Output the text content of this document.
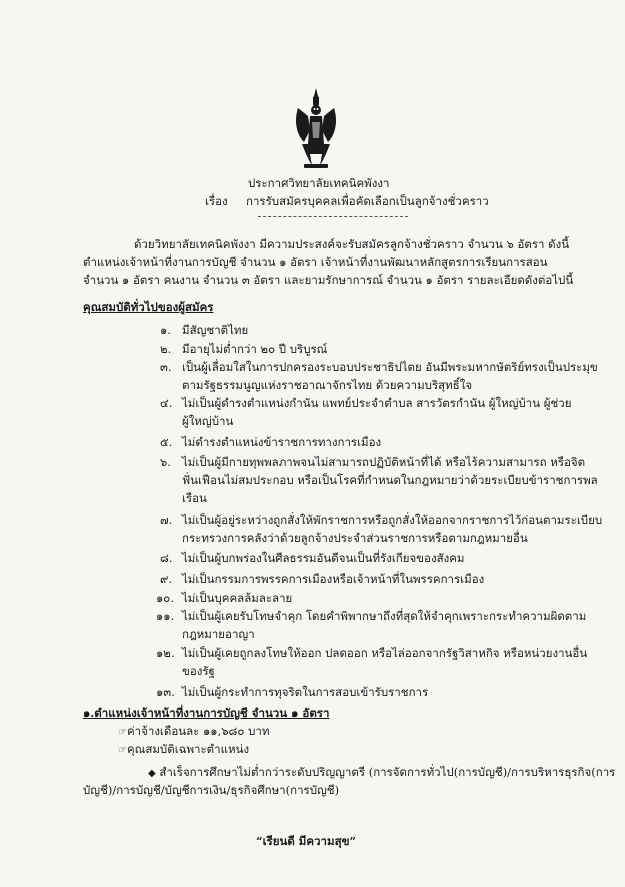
ประกาศวิทยาลัยเทคนิคพังงา
เรื่อง การรับสมัครบุคคลเพื่อคัดเลือกเป็นลูกจ้างชั่วคราว
ด้วยวิทยาลัยเทคนิคพังงา มีความประสงค์จะรับสมัครลูกจ้างชั่วคราว จำนวน ๖ อัตรา ดังนี้
ตำแหน่งเจ้าหน้าที่งานการบัญชี จำนวน ๑ อัตรา เจ้าหน้าที่งานพัฒนาหลักสูตรการเรียนการสอน
จำนวน ๑ อัตรา คนงาน จำนวน ๓ อัตรา และยามรักษาการณ์ จำนวน ๑ อัตรา รายละเอียดดังต่อไปนี้
คุณสมบัติทั่วไปของผู้สมัคร
๑. มีสัญชาติไทย
๒. มีอายุไม่ต่ำกว่า ๒๐ ปี บริบูรณ์
๓. เป็นผู้เลื่อมใสในการปกครองระบอบประชาธิปไตย อันมีพระมหากษัตริย์ทรงเป็นประมุข
ตามรัฐธรรมนูญแห่งราชอาณาจักรไทย ด้วยความบริสุทธิ์ใจ
๔. ไม่เป็นผู้ดำรงตำแหน่งกำนัน แพทย์ประจำตำบล สารวัตรกำนัน ผู้ใหญ่บ้าน ผู้ช่วย
ผู้ใหญ่บ้าน
๕. ไม่ดำรงตำแหน่งข้าราชการทางการเมือง
๖. ไม่เป็นผู้มีกายทุพพลภาพจนไม่สามารถปฏิบัติหน้าที่ได้ หรือไร้ความสามารถ หรือจิต
ฟั่นเฟือนไม่สมประกอบ หรือเป็นโรคที่กำหนดในกฎหมายว่าด้วยระเบียบข้าราชการพล
เรือน
๗. ไม่เป็นผู้อยู่ระหว่างถูกสั่งให้พักราชการหรือถูกสั่งให้ออกจากราชการไว้ก่อนตามระเบียบ
กระทรวงการคลังว่าด้วยลูกจ้างประจำส่วนราชการหรือตามกฎหมายอื่น
๘. ไม่เป็นผู้บกพร่องในศีลธรรมอันดีจนเป็นที่รังเกียจของสังคม
๙. ไม่เป็นกรรมการพรรคการเมืองหรือเจ้าหน้าที่ในพรรคการเมือง
๑๐. ไม่เป็นบุคคลล้มละลาย
๑๑. ไม่เป็นผู้เคยรับโทษจำคุก โดยคำพิพากษาถึงที่สุดให้จำคุกเพราะกระทำความผิดตาม
กฎหมายอาญา
๑๒. ไม่เป็นผู้เคยถูกลงโทษให้ออก ปลดออก หรือไล่ออกจากรัฐวิสาหกิจ หรือหน่วยงานอื่น
ของรัฐ
๑๓. ไม่เป็นผู้กระทำการทุจริตในการสอบเข้ารับราชการ
๑.ตำแหน่งเจ้าหน้าที่งานการบัญชี จำนวน ๑ อัตรา
☞ค่าจ้างเดือนละ ๑๑,๖๘๐ บาท
☞คุณสมบัติเฉพาะตำแหน่ง
◆ สำเร็จการศึกษาไม่ต่ำกว่าระดับปริญญาตรี (การจัดการทั่วไป(การบัญชี)/การบริหารธุรกิจ(การ
บัญชี)/การบัญชี/บัญชีการเงิน/ธุรกิจศึกษา(การบัญชี)
“เรียนดี มีความสุข”
